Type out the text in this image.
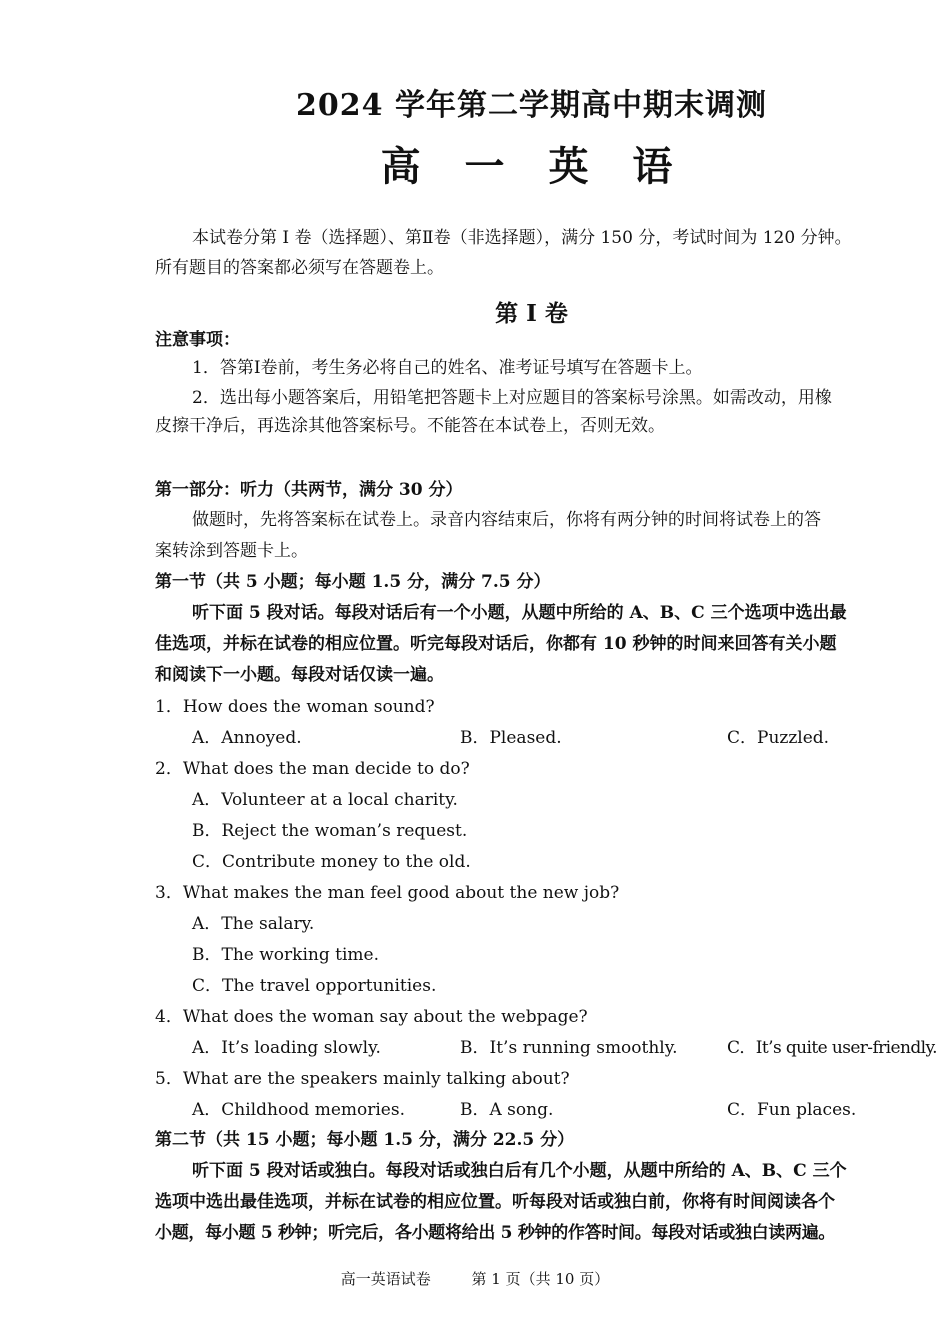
2024 学年第二学期高中期末调测
高 一 英 语
本试卷分第 I 卷（选择题）、第Ⅱ卷（非选择题），满分 150 分，考试时间为 120 分钟。
所有题目的答案都必须写在答题卷上。
第 I 卷
注意事项：
1．答第Ⅰ卷前，考生务必将自己的姓名、准考证号填写在答题卡上。
2．选出每小题答案后，用铅笔把答题卡上对应题目的答案标号涂黑。如需改动，用橡
皮擦干净后，再选涂其他答案标号。不能答在本试卷上，否则无效。
第一部分：听力（共两节，满分 30 分）
做题时，先将答案标在试卷上。录音内容结束后，你将有两分钟的时间将试卷上的答
案转涂到答题卡上。
第一节（共 5 小题；每小题 1.5 分，满分 7.5 分）
听下面 5 段对话。每段对话后有一个小题，从题中所给的 A、B、C 三个选项中选出最
佳选项，并标在试卷的相应位置。听完每段对话后，你都有 10 秒钟的时间来回答有关小题
和阅读下一小题。每段对话仅读一遍。
1．How does the woman sound?
A．Annoyed.	B．Pleased.	C．Puzzled.
2．What does the man decide to do?
A．Volunteer at a local charity.
B．Reject the woman’s request.
C．Contribute money to the old.
3．What makes the man feel good about the new job?
A．The salary.
B．The working time.
C．The travel opportunities.
4．What does the woman say about the webpage?
A．It’s loading slowly.	B．It’s running smoothly.	C．It’s quite user-friendly.
5．What are the speakers mainly talking about?
A．Childhood memories.	B．A song.	C．Fun places.
第二节（共 15 小题；每小题 1.5 分，满分 22.5 分）
听下面 5 段对话或独白。每段对话或独白后有几个小题，从题中所给的 A、B、C 三个
选项中选出最佳选项，并标在试卷的相应位置。听每段对话或独白前，你将有时间阅读各个
小题，每小题 5 秒钟；听完后，各小题将给出 5 秒钟的作答时间。每段对话或独白读两遍。
高一英语试卷	第 1 页（共 10 页）
